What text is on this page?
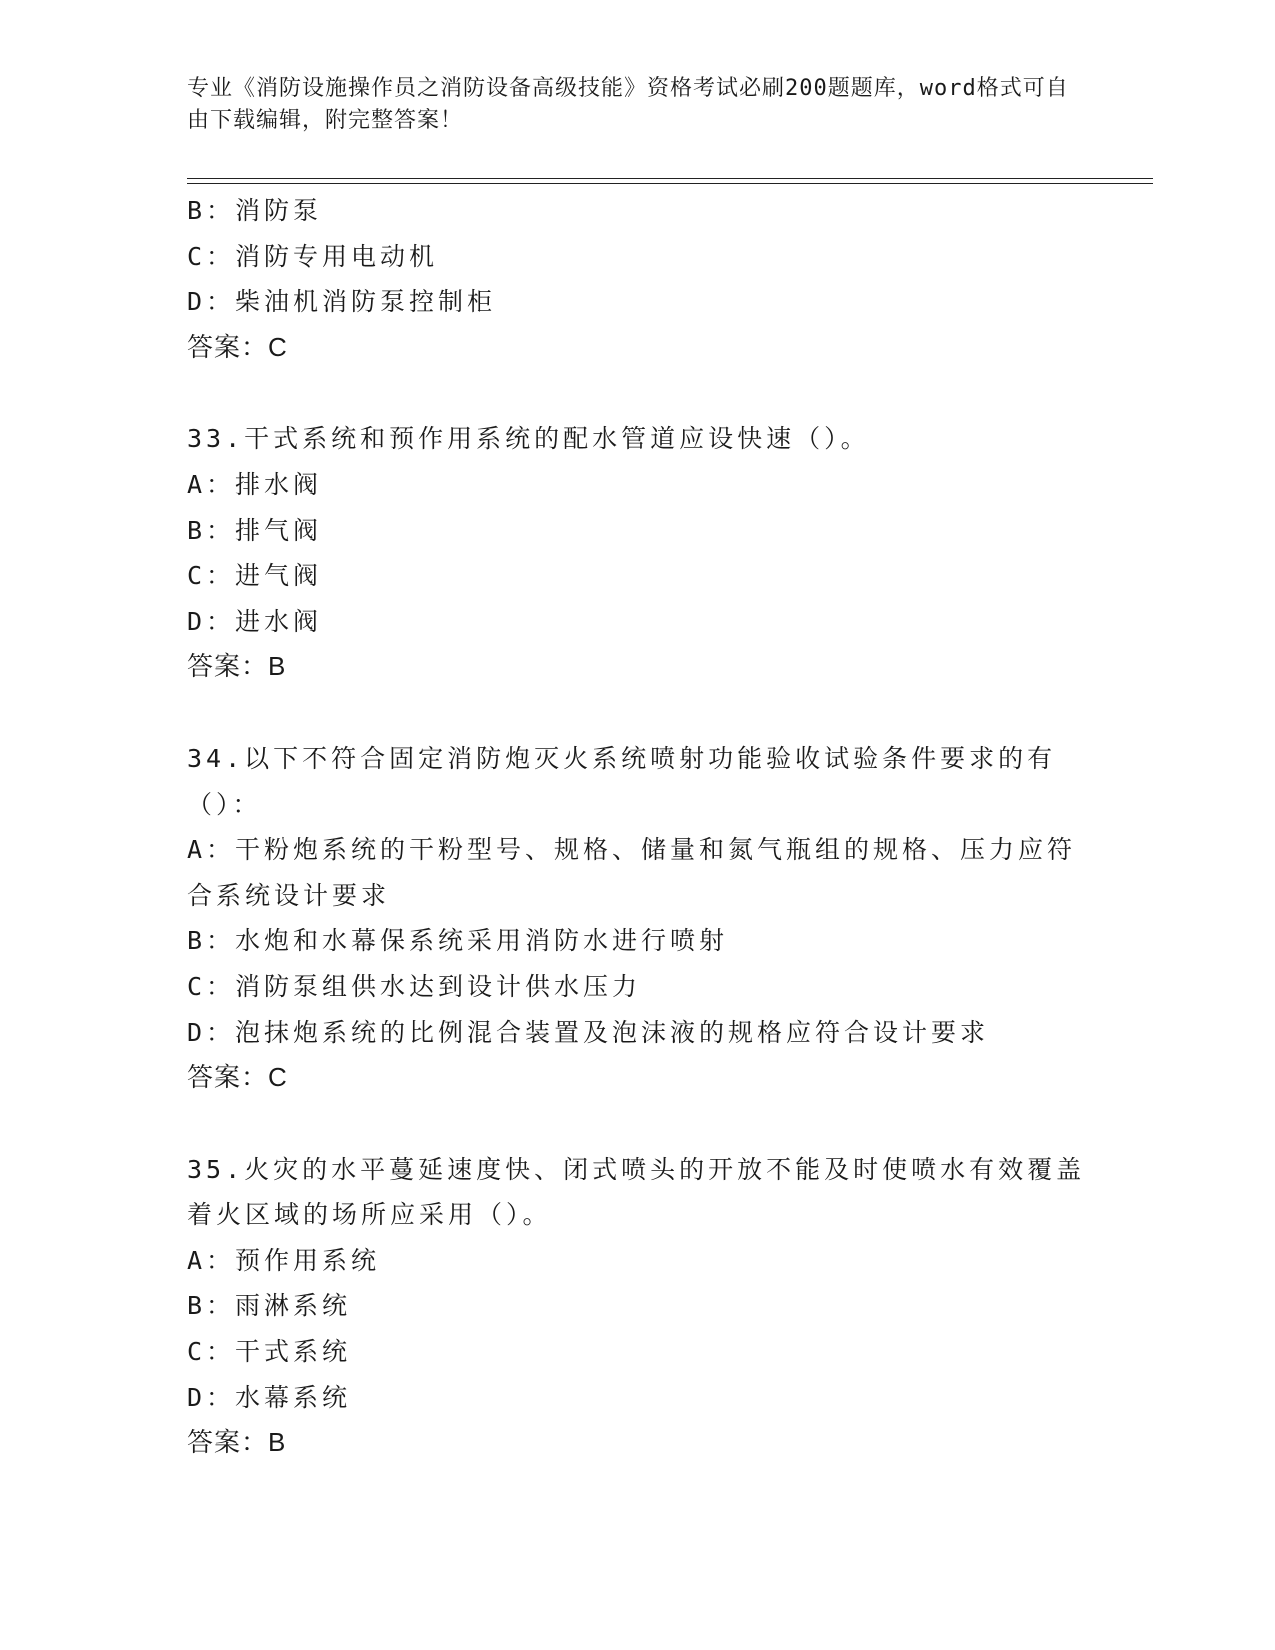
专业《消防设施操作员之消防设备高级技能》资格考试必刷200题题库，word格式可自由下载编辑，附完整答案！
B：消防泵
C：消防专用电动机
D：柴油机消防泵控制柜
答案：C
33.干式系统和预作用系统的配水管道应设快速（）。
A：排水阀
B：排气阀
C：进气阀
D：进水阀
答案：B
34.以下不符合固定消防炮灭火系统喷射功能验收试验条件要求的有（）：
A：干粉炮系统的干粉型号、规格、储量和氮气瓶组的规格、压力应符合系统设计要求
B：水炮和水幕保系统采用消防水进行喷射
C：消防泵组供水达到设计供水压力
D：泡抹炮系统的比例混合装置及泡沫液的规格应符合设计要求
答案：C
35.火灾的水平蔓延速度快、闭式喷头的开放不能及时使喷水有效覆盖着火区域的场所应采用（）。
A：预作用系统
B：雨淋系统
C：干式系统
D：水幕系统
答案：B
